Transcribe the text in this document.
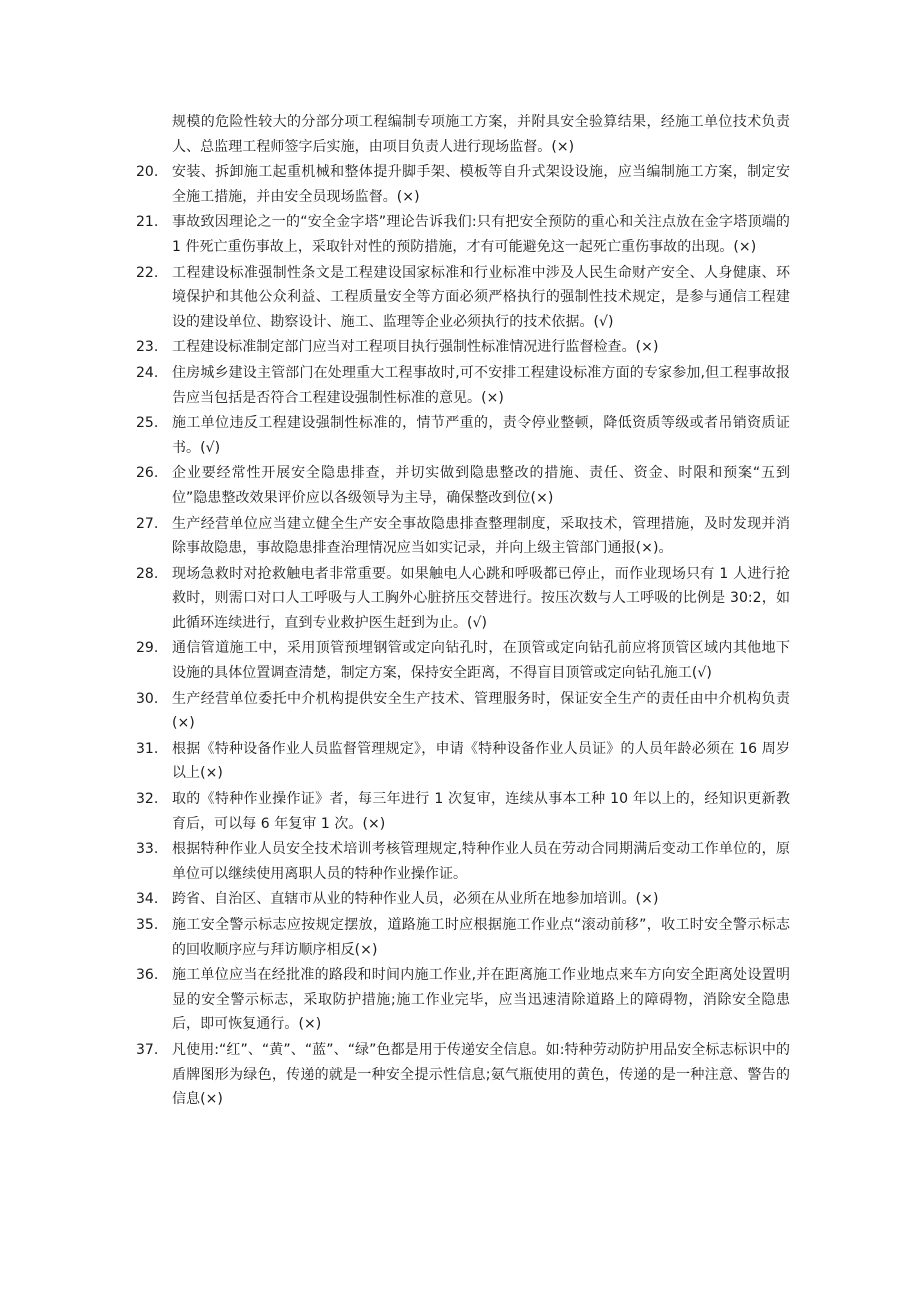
规模的危险性较大的分部分项工程编制专项施工方案，并附具安全验算结果，经施工单位技术负责人、总监理工程师签字后实施，由项目负责人进行现场监督。(×)
20. 安装、拆卸施工起重机械和整体提升脚手架、模板等自升式架设设施，应当编制施工方案，制定安全施工措施，并由安全员现场监督。(×)
21. 事故致因理论之一的“安全金字塔”理论告诉我们:只有把安全预防的重心和关注点放在金字塔顶端的 1 件死亡重伤事故上，采取针对性的预防措施，才有可能避免这一起死亡重伤事故的出现。(×)
22. 工程建设标准强制性条文是工程建设国家标准和行业标准中涉及人民生命财产安全、人身健康、环境保护和其他公众利益、工程质量安全等方面必须严格执行的强制性技术规定，是参与通信工程建设的建设单位、勘察设计、施工、监理等企业必须执行的技术依据。(√)
23. 工程建设标准制定部门应当对工程项目执行强制性标准情况进行监督检查。(×)
24. 住房城乡建设主管部门在处理重大工程事故时,可不安排工程建设标准方面的专家参加,但工程事故报告应当包括是否符合工程建设强制性标准的意见。(×)
25. 施工单位违反工程建设强制性标准的，情节严重的，责令停业整顿，降低资质等级或者吊销资质证书。(√)
26. 企业要经常性开展安全隐患排查，并切实做到隐患整改的措施、责任、资金、时限和预案“五到位”隐患整改效果评价应以各级领导为主导，确保整改到位(×)
27. 生产经营单位应当建立健全生产安全事故隐患排查整理制度，采取技术，管理措施，及时发现并消除事故隐患，事故隐患排查治理情况应当如实记录，并向上级主管部门通报(×)。
28. 现场急救时对抢救触电者非常重要。如果触电人心跳和呼吸都已停止，而作业现场只有 1 人进行抢救时，则需口对口人工呼吸与人工胸外心脏挤压交替进行。按压次数与人工呼吸的比例是 30:2，如此循环连续进行，直到专业救护医生赶到为止。(√)
29. 通信管道施工中，采用顶管预埋钢管或定向钻孔时，在顶管或定向钻孔前应将顶管区域内其他地下设施的具体位置调查清楚，制定方案，保持安全距离，不得盲目顶管或定向钻孔施工(√)
30. 生产经营单位委托中介机构提供安全生产技术、管理服务时，保证安全生产的责任由中介机构负责(×)
31. 根据《特种设备作业人员监督管理规定》，申请《特种设备作业人员证》的人员年龄必须在 16 周岁以上(×)
32. 取的《特种作业操作证》者，每三年进行 1 次复审，连续从事本工种 10 年以上的，经知识更新教育后，可以每 6 年复审 1 次。(×)
33. 根据特种作业人员安全技术培训考核管理规定,特种作业人员在劳动合同期满后变动工作单位的，原单位可以继续使用离职人员的特种作业操作证。
34. 跨省、自治区、直辖市从业的特种作业人员，必须在从业所在地参加培训。(×)
35. 施工安全警示标志应按规定摆放，道路施工时应根据施工作业点“滚动前移”，收工时安全警示标志的回收顺序应与拜访顺序相反(×)
36. 施工单位应当在经批准的路段和时间内施工作业,并在距离施工作业地点来车方向安全距离处设置明显的安全警示标志，采取防护措施;施工作业完毕，应当迅速清除道路上的障碍物，消除安全隐患后，即可恢复通行。(×)
37. 凡使用:“红”、“黄”、“蓝”、“绿”色都是用于传递安全信息。如:特种劳动防护用品安全标志标识中的盾牌图形为绿色，传递的就是一种安全提示性信息;氨气瓶使用的黄色，传递的是一种注意、警告的信息(×)
